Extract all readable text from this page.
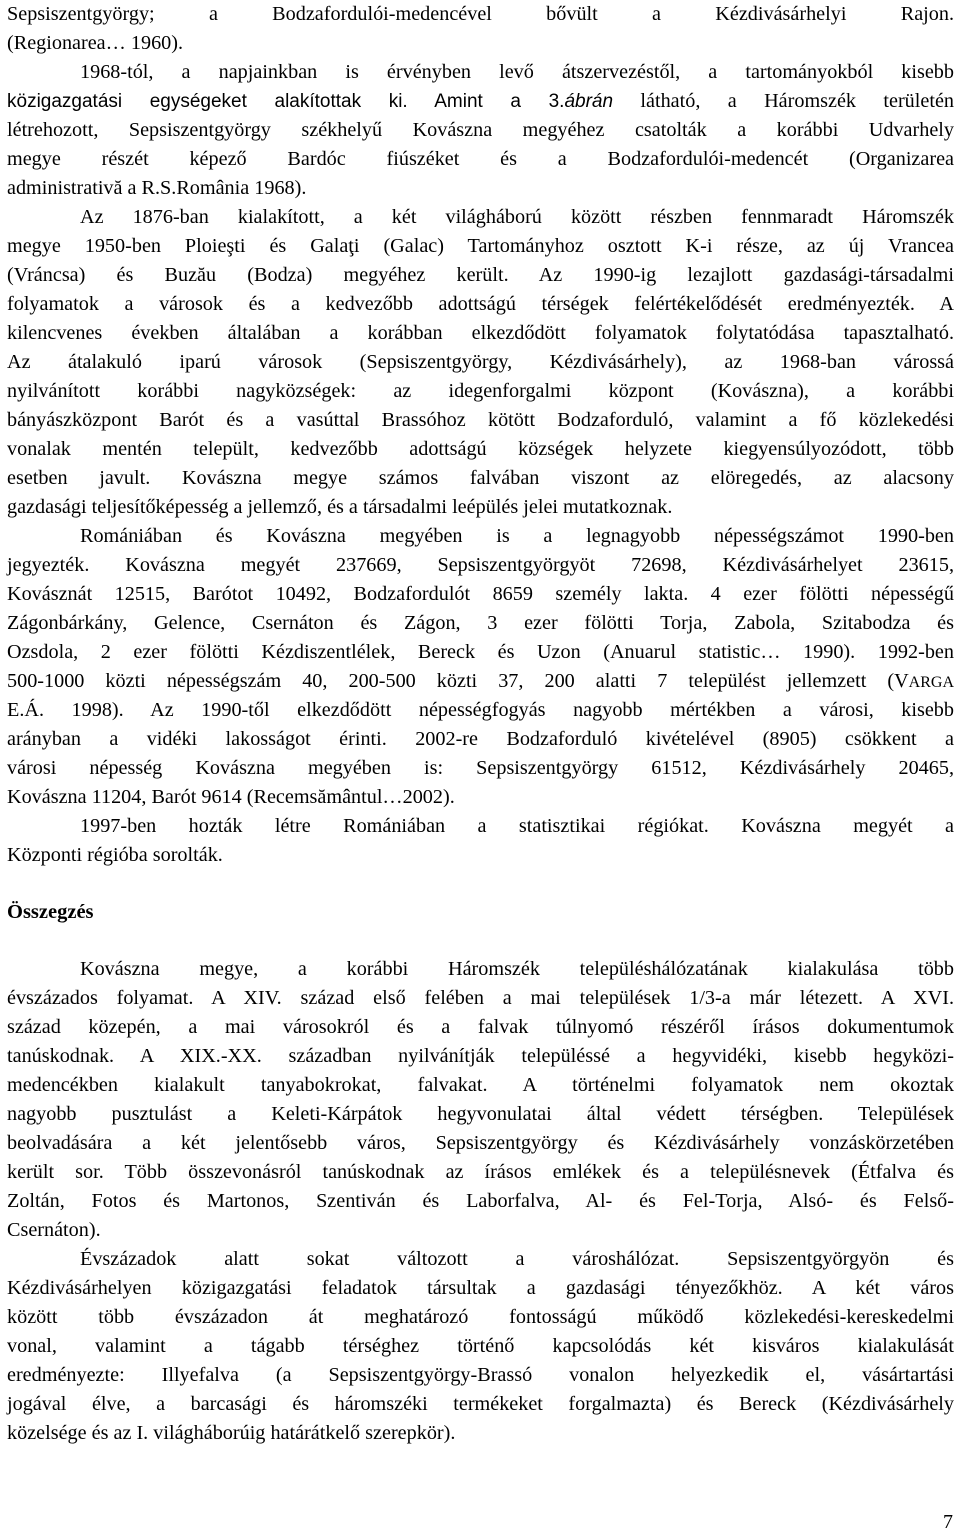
Sepsiszentgyörgy; a Bodzafordulói-medencével bővült a Kézdivásárhelyi Rajon.
(Regionarea… 1960).
1968-tól, a napjainkban is érvényben levő átszervezéstől, a tartományokból kisebb
közigazgatási egységeket alakítottak ki. Amint a 3.ábrán látható, a Háromszék területén
létrehozott, Sepsiszentgyörgy székhelyű Kovászna megyéhez csatolták a korábbi Udvarhely
megye részét képező Bardóc fiúszéket és a Bodzafordulói-medencét (Organizarea
administrativă a R.S.România 1968).
Az 1876-ban kialakított, a két világháború között részben fennmaradt Háromszék
megye 1950-ben Ploieşti és Galaţi (Galac) Tartományhoz osztott K-i része, az új Vrancea
(Vráncsa) és Buzău (Bodza) megyéhez került. Az 1990-ig lezajlott gazdasági-társadalmi
folyamatok a városok és a kedvezőbb adottságú térségek felértékelődését eredményezték. A
kilencvenes években általában a korábban elkezdődött folyamatok folytatódása tapasztalható.
Az átalakuló iparú városok (Sepsiszentgyörgy, Kézdivásárhely), az 1968-ban várossá
nyilvánított korábbi nagyközségek: az idegenforgalmi központ (Kovászna), a korábbi
bányászközpont Barót és a vasúttal Brassóhoz kötött Bodzaforduló, valamint a fő közlekedési
vonalak mentén települt, kedvezőbb adottságú községek helyzete kiegyensúlyozódott, több
esetben javult. Kovászna megye számos falvában viszont az elöregedés, az alacsony
gazdasági teljesítőképesség a jellemző, és a társadalmi leépülés jelei mutatkoznak.
Romániában és Kovászna megyében is a legnagyobb népességszámot 1990-ben
jegyezték. Kovászna megyét 237669, Sepsiszentgyörgyöt 72698, Kézdivásárhelyet 23615,
Kovásznát 12515, Barótot 10492, Bodzafordulót 8659 személy lakta. 4 ezer fölötti népességű
Zágonbárkány, Gelence, Csernáton és Zágon, 3 ezer fölötti Torja, Zabola, Szitabodza és
Ozsdola, 2 ezer fölötti Kézdiszentlélek, Bereck és Uzon (Anuarul statistic… 1990). 1992-ben
500-1000 közti népességszám 40, 200-500 közti 37, 200 alatti 7 települést jellemzett (VARGA
E.Á. 1998). Az 1990-től elkezdődött népességfogyás nagyobb mértékben a városi, kisebb
arányban a vidéki lakosságot érinti. 2002-re Bodzaforduló kivételével (8905) csökkent a
városi népesség Kovászna megyében is: Sepsiszentgyörgy 61512, Kézdivásárhely 20465,
Kovászna 11204, Barót 9614 (Recemsământul…2002).
1997-ben hozták létre Romániában a statisztikai régiókat. Kovászna megyét a
Központi régióba sorolták.
Összegzés
Kovászna megye, a korábbi Háromszék településhálózatának kialakulása több
évszázados folyamat. A XIV. század első felében a mai települések 1/3-a már létezett. A XVI.
század közepén, a mai városokról és a falvak túlnyomó részéről írásos dokumentumok
tanúskodnak. A XIX.-XX. században nyilvánítják településsé a hegyvidéki, kisebb hegyközi-
medencékben kialakult tanyabokrokat, falvakat. A történelmi folyamatok nem okoztak
nagyobb pusztulást a Keleti-Kárpátok hegyvonulatai által védett térségben. Települések
beolvadására a két jelentősebb város, Sepsiszentgyörgy és Kézdivásárhely vonzáskörzetében
került sor. Több összevonásról tanúskodnak az írásos emlékek és a településnevek (Étfalva és
Zoltán, Fotos és Martonos, Szentiván és Laborfalva, Al- és Fel-Torja, Alsó- és Felső-
Csernáton).
Évszázadok alatt sokat változott a városhálózat. Sepsiszentgyörgyön és
Kézdivásárhelyen közigazgatási feladatok társultak a gazdasági tényezőkhöz. A két város
között több évszázadon át meghatározó fontosságú működő közlekedési-kereskedelmi
vonal, valamint a tágabb térséghez történő kapcsolódás két kisváros kialakulását
eredményezte: Illyefalva (a Sepsiszentgyörgy-Brassó vonalon helyezkedik el, vásártartási
jogával élve, a barcasági és háromszéki termékeket forgalmazta) és Bereck (Kézdivásárhely
közelsége és az I. világháborúig határátkelő szerepkör).
7
